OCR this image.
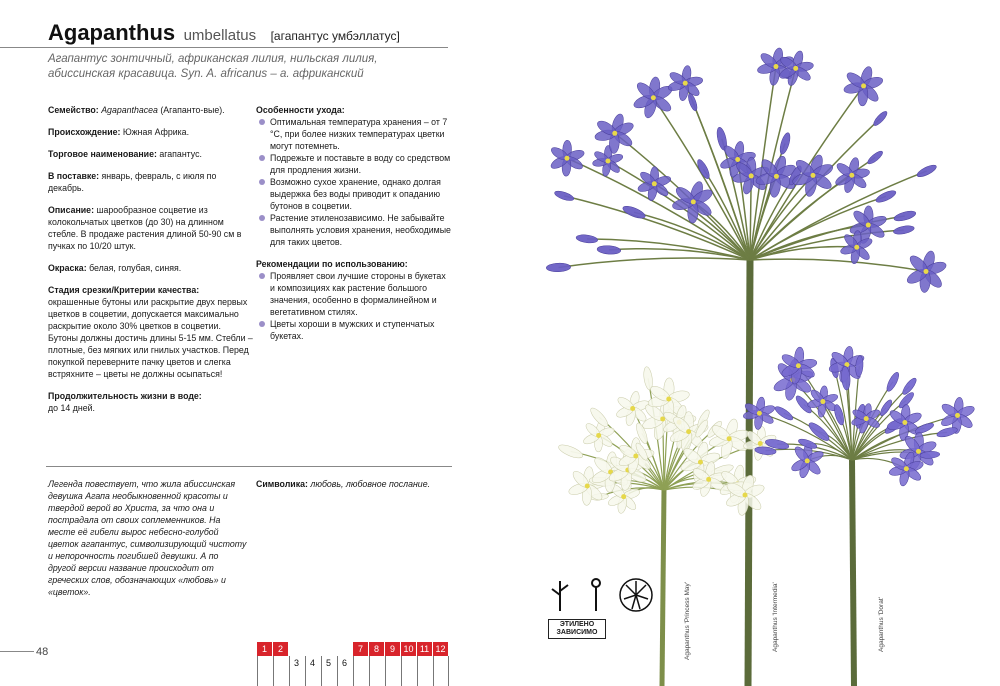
Agapanthus umbellatus [агапантус умбэллатус]
Агапантус зонтичный, африканская лилия, нильская лилия, абиссинская красавица. Syn. A. africanus – а. африканский
Семейство: Agapanthacea (Агапанто-вые).
Происхождение: Южная Африка.
Торговое наименование: агапантус.
В поставке: январь, февраль, с июля по декабрь.
Описание: шарообразное соцветие из колокольчатых цветков (до 30) на длинном стебле. В продаже растения длиной 50-90 см в пучках по 10/20 штук.
Окраска: белая, голубая, синяя.
Стадия срезки/Критерии качества: окрашенные бутоны или раскрытие двух первых цветков в соцветии, допускается максимально раскрытие около 30% цветков в соцветии. Бутоны должны достичь длины 5-15 мм. Стебли – плотные, без мягких или гнилых участков. Перед покупкой переверните пачку цветов и слегка встряхните – цветы не должны осыпаться!
Продолжительность жизни в воде:
до 14 дней.
Особенности ухода:
Оптимальная температура хранения – от 7 °С, при более низких температурах цветки могут потемнеть.
Подрежьте и поставьте в воду со средством для продления жизни.
Возможно сухое хранение, однако долгая выдержка без воды приводит к опаданию бутонов в соцветии.
Растение этиленозависимо. Не забывайте выполнять условия хранения, необходимые для таких цветов.
Рекомендации по использованию:
Проявляет свои лучшие стороны в букетах и композициях как растение большого значения, особенно в формалинейном и вегетативном стилях.
Цветы хороши в мужских и ступенчатых букетах.
Легенда повествует, что жила абиссинская девушка Агапа необыкновенной красоты и твердой верой во Христа, за что она и пострадала от своих соплеменников. На месте её гибели вырос небесно-голубой цветок агапантус, символизирующий чистоту и непорочность погибшей девушки. А по другой версии название происходит от греческих слов, обозначающих «любовь» и «цветок».
Символика: любовь, любовное послание.
48	1	2
3	4	5	6
7	8	9 10 11 12
ЭТИЛЕНО ЗАВИСИМО	Agapanthus 'Princess May'	Agapanthus 'Intermedia'	Agapanthus 'Dorat'
